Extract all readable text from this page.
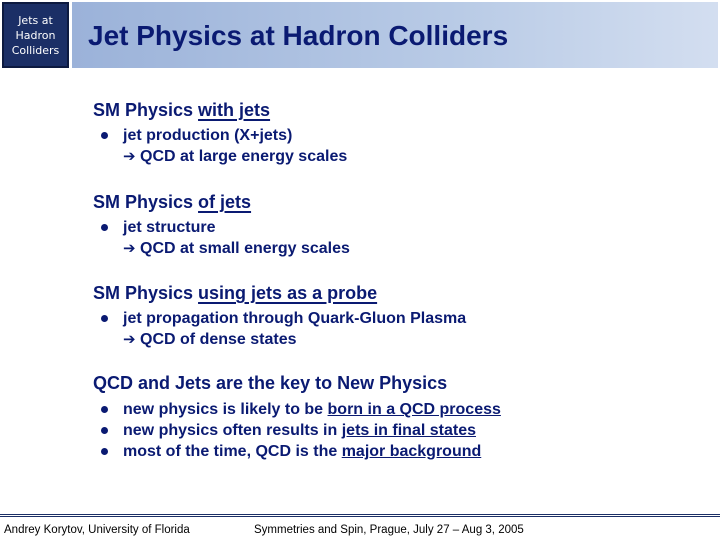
Jets at
Hadron
Colliders Jet Physics at Hadron Colliders
SM Physics with jets
jet production (X+jets)
➔ QCD at large energy scales
SM Physics of jets
jet structure
➔ QCD at small energy scales
SM Physics using jets as a probe
jet propagation through Quark-Gluon Plasma
➔ QCD of dense states
QCD and Jets are the key to New Physics
new physics is likely to be born in a QCD process
new physics often results in jets in final states
most of the time, QCD is the major background
Andrey Korytov, University of Florida	Symmetries and Spin, Prague, July 27 – Aug 3, 2005
